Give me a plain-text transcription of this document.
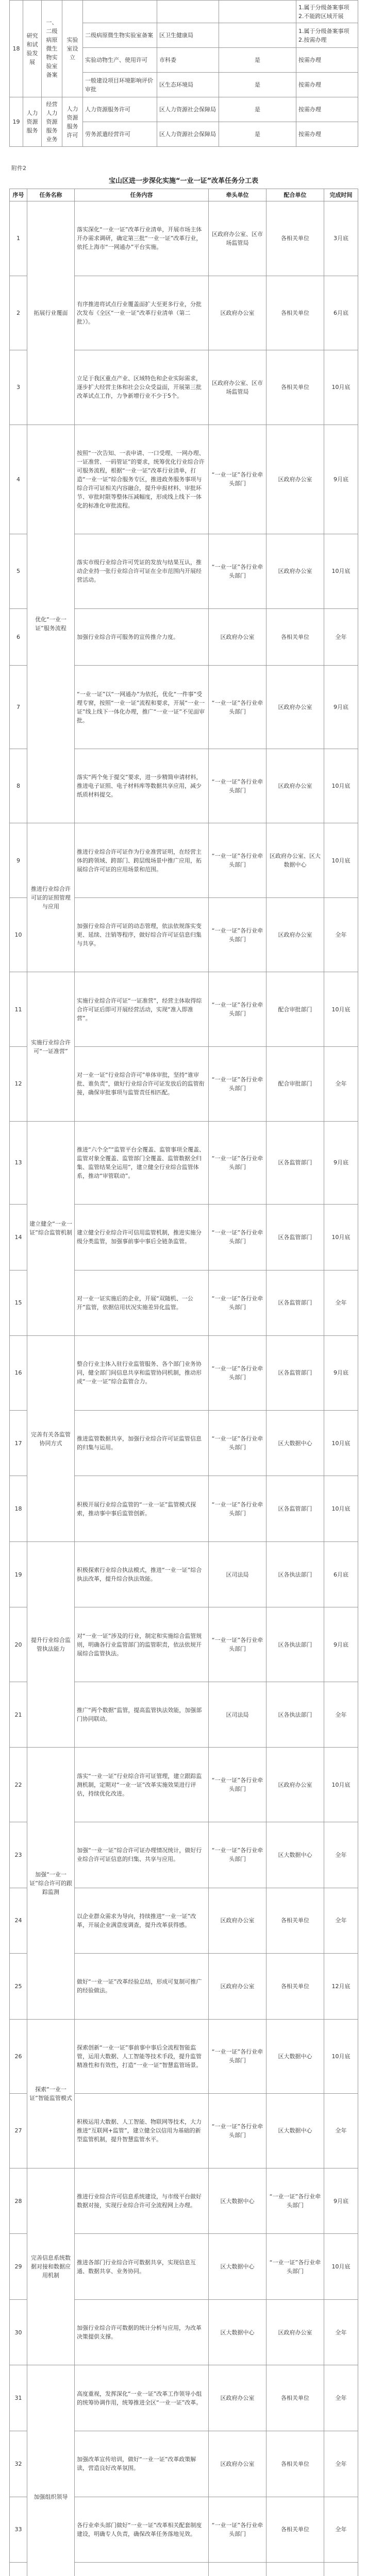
18	研究和试验发展	一、二级病原微生物实验室备案	实验室设立				1.属于分级备案事项
2.不能跨区域开展
				二级病原微生物实验室备案	区卫生健康局		1.属于分级备案事项
2.按需办理
				实验动物生产、使用许可	市科委	是	按需办理
				一般建设项目环境影响评价审批	区生态环境局	是	按需办理
19	人力资源服务	经营人力资源服务业务	人力资源服务许可	人力资源服务许可	区人力资源社会保障局	是	按需办理
				劳务派遣经营许可	区人力资源社会保障局	是	按需办理
附件2
宝山区进一步深化实施“一业一证”改革任务分工表
序号	任务名称	任务内容	牵头单位	配合单位	完成时间
1	拓展行业覆面	落实深化“一业一证”改革行业清单，开展市场主体开办需求调研，确定第三批“一业一证”改革行业，依托上海市“一网通办”平台实施。	区政府办公室、区市场监管局	各相关单位	3月底
2		有序推进将试点行业覆盖面扩大至更多行业，分批次发布《全区“一业一证”改革行业清单（第二批）》。	区政府办公室	各相关单位	6月底
3		立足于我区重点产业、区域特色和企业实际需求，逐步扩大经营主体和社会公众受益面，开展第三批改革试点工作，力争新增行业不少于5个。	区政府办公室、区市场监管局	各相关单位	10月底
4	优化“一业一证”服务流程	按照“一次告知、一表申请、一口受理、一网办理、一证准营、一码管证”的要求，统筹优化行业综合许可服务流程，根据“一业一证”改革行业清单，打造“一业一证”综合服务专区，推进政务服务事项与综合许可证相关内容融合，提升申报材料、审批环节、审批时限等整体压减幅度，形成线上线下一体化的标准化审批流程。	“一业一证”各行业牵头部门	区政府办公室	9月底
5		落实市级行业综合许可凭证的发放与结果互认，推动企业持一张行业综合许可证在全市范围内开展经营活动。	“一业一证”各行业牵头部门	区政府办公室	10月底
6		加强行业综合许可服务的宣传推介力度。	区政府办公室	各相关单位	全年
7		“一业一证”以“一网通办”为依托，优化“一件事”受理专窗，按照“一业一证”流程和要求，开展“一业一证”线上线下一体化办理，推广“一业一证”不见面审批。	“一业一证”各行业牵头部门	区政府办公室	9月底
8		落实“两个免于提交”要求，进一步精简申请材料，推进电子证照、电子材料库等数据共享应用，减少纸质材料提交。	“一业一证”各行业牵头部门	区政府办公室	10月底
9	推进行业综合许可证的证照管理与应用	推进行业综合许可证作为行业准营证明，在经营主体的跨领域、跨部门、跨层级场景中推广应用，拓展综合许可证的应用场景和范围。	“一业一证”各行业牵头部门	区政府办公室、区大数据中心	10月底
10		加强行业综合许可证的动态管理，依法依规落实变更、延续、注销等程序，做好综合许可证信息归集与共享。	“一业一证”各行业牵头部门	区政府办公室	全年
11	实施行业综合许可“一证准营”	实施行业综合许可证“一证准营”，经营主体取得综合许可证后即可开展经营活动，实现“准入即准营”。	“一业一证”各行业牵头部门	配合审批部门	10月底
12		对一业一证“行业综合许可”单体审批，坚持“谁审批、谁负责”，做好行业综合许可证发放后的监管衔接，确保审批事项与监管责任相匹配。	“一业一证”各行业牵头部门	配合审批部门	全年
13	建立健全“一业一证”综合监管机制	推进“六个全”“监管平台全覆盖、监管事项全覆盖、监管对象全覆盖、监管部门全覆盖、监管数据全归集、监管结果全运用”，建立健全行业综合监管体系，推动“审管联动”。	“一业一证”各行业牵头部门	区各监管部门	9月底
14		建立健全行业综合许可信用监管机制，推进实施分级分类监管，加强事前事中事后全链条监管。	“一业一证”各行业牵头部门	区各监管部门	10月底
15		对一业一证实施后的企业，开展“双随机、一公开”监管，依据信用状况实施差异化监管。	“一业一证”各行业牵头部门	区各监管部门	全年
16	完善有关各监管协同方式	整合行业主体入驻行业监管服务、各个部门业务协同，健全部门间信息共享和监管协同机制，推动形成“一业一证”综合监管合力。	“一业一证”各行业牵头部门	区各监管部门	9月底
17		推进监管数据共享，加强行业综合许可证监管信息的归集与运用。	“一业一证”各行业牵头部门	区大数据中心	10月底
18		积极开展行业综合监管的“一业一证”监管模式探索，推动事中事后监管创新。	“一业一证”各行业牵头部门	区各监管部门	10月底
19	提升行业综合监管执法能力	积极探索行业综合执法模式，推进“一业一证”综合执法改革，提升综合执法效能。	区司法局	区各执法部门	6月底
20		对“一业一证”涉及的行业，制定和实施综合监管规则，明确各行业监管部门的监管职责，依法依规开展综合监管执法。	“一业一证”各行业牵头部门	区各执法部门	9月底
21		推广“两个数据”监管，提高监管执法效能，加强部门协同联动。	区司法局	区各执法部门	全年
22	加强“一业一证”综合许可的跟踪监测	落实“一业一证”行业综合许可证管理，建立跟踪监测机制，定期对“一业一证”改革实施效果进行评估，持续优化改进。	“一业一证”各行业牵头部门	区政府办公室	10月底
23		加强“一业一证”综合许可证办理情况统计，做好行业综合许可证信息的归集、共享与应用。	“一业一证”各行业牵头部门	区大数据中心	全年
24		以企业群众需求为导向，持续推进“一业一证”改革，开展企业满意度调查，提升改革获得感。	区政府办公室	各相关单位	全年
25		做好“一业一证”改革经验总结，形成可复制可推广的经验做法。	区政府办公室	各相关单位	12月底
26	探索“一业一证”智能监管模式	探索创新“一业一证”事前事中事后全流程智能监管，运用大数据、人工智能等技术手段，提升监管精准性和有效性，打造“一业一证”智慧监管场景。	“一业一证”各行业牵头部门	区大数据中心	10月底
27		积极运用大数据、人工智能、物联网等技术，大力推进“互联网+监管”，建立健全以信用为基础的新型监管机制，提升智慧监管水平。	“一业一证”各行业牵头部门	区大数据中心	全年
28	完善信息系统数据对接和数据应用机制	推进行业综合许可信息系统建设，与市级平台做好数据对接，实现行业综合许可全流程网上办理。	区大数据中心	“一业一证”各行业牵头部门	9月底
29		推进各部门行业综合许可数据共享，实现信息互通、数据共享、业务协同。	区大数据中心	“一业一证”各行业牵头部门	10月底
30		加强行业综合许可数据的统计分析与应用，为改革决策提供支撑。	区大数据中心	区政府办公室	全年
31	加强组织领导	高度重视，发挥深化“一业一证”改革工作领导小组的统筹协调作用，统筹推进全区“一业一证”改革。	区政府办公室	各相关单位	全年
32		加强改革宣传培训，做好“一业一证”改革政策解读，营造良好改革氛围。	区政府办公室	各相关单位	全年
33		各行业牵头部门做好“一业一证”改革相关配套制度建设，明确专人负责，确保改革任务落地见效。	“一业一证”各行业牵头部门	各相关单位	全年
